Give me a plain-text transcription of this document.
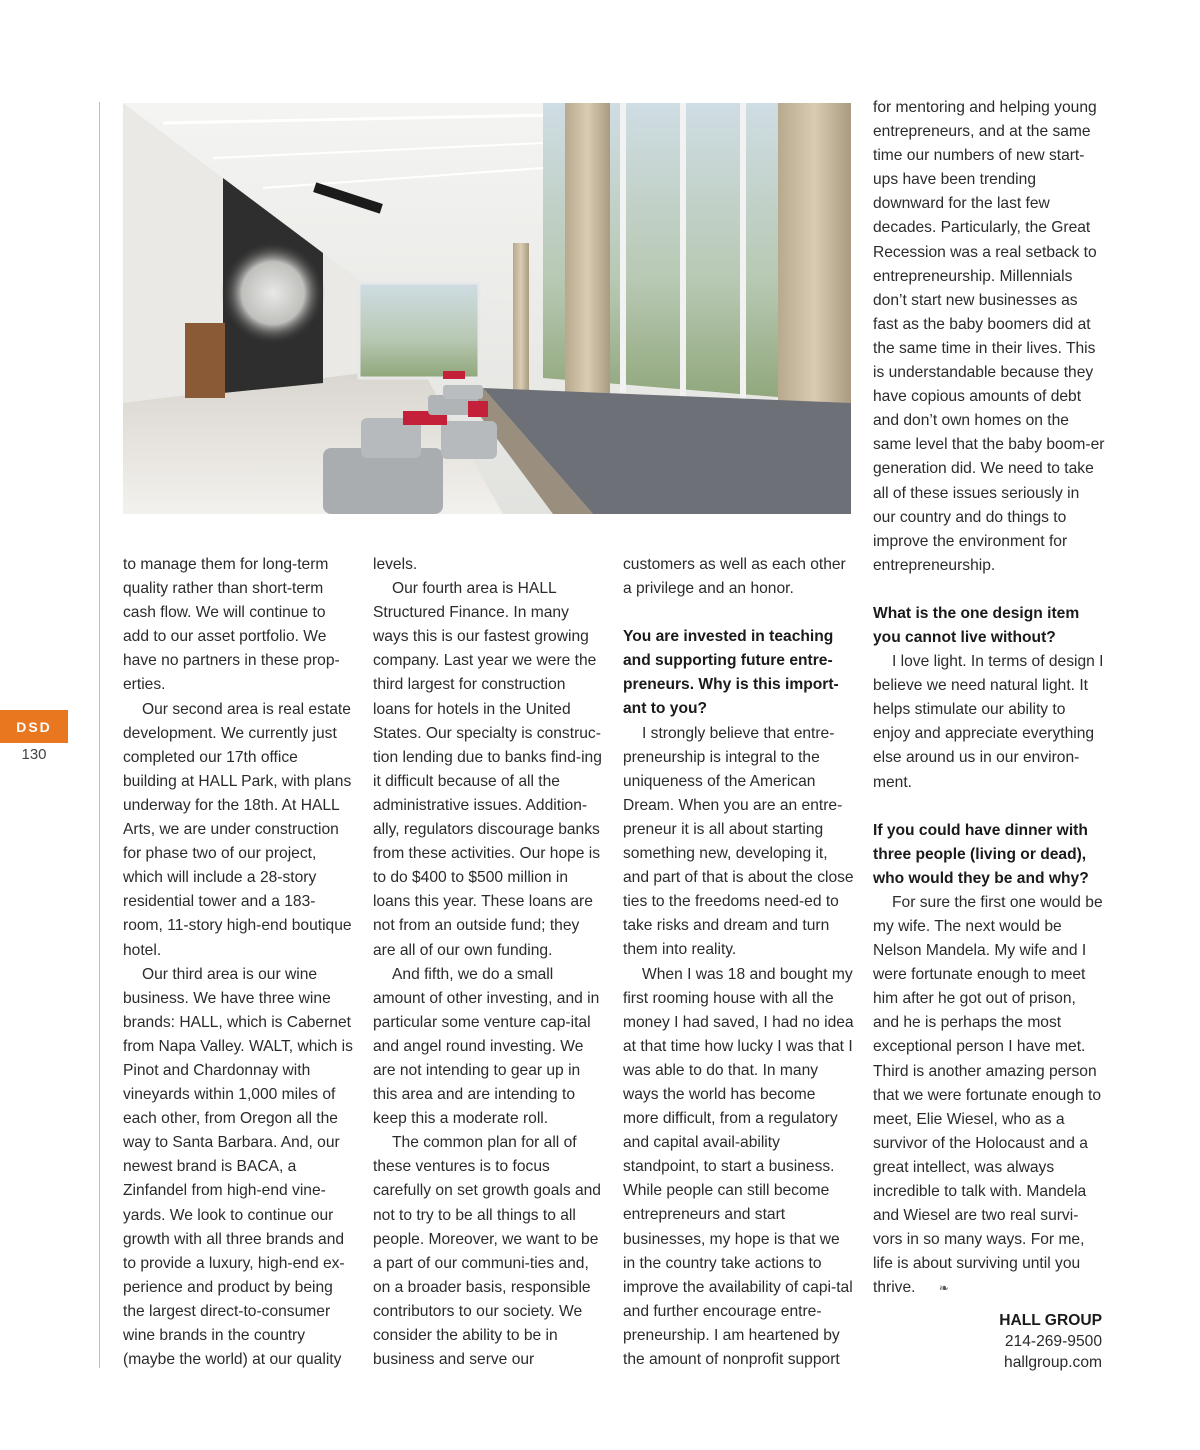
DSD
130

to manage them for long-term quality rather than short-term cash flow. We will continue to add to our asset portfolio. We have no partners in these prop-erties.

Our second area is real estate development. We currently just completed our 17th office building at HALL Park, with plans underway for the 18th. At HALL Arts, we are under construction for phase two of our project, which will include a 28-story residential tower and a 183-room, 11-story high-end boutique hotel.

Our third area is our wine business. We have three wine brands: HALL, which is Cabernet from Napa Valley. WALT, which is Pinot and Chardonnay with vineyards within 1,000 miles of each other, from Oregon all the way to Santa Barbara. And, our newest brand is BACA, a Zinfandel from high-end vine-yards. We look to continue our growth with all three brands and to provide a luxury, high-end ex-perience and product by being the largest direct-to-consumer wine brands in the country (maybe the world) at our quality

levels.

Our fourth area is HALL Structured Finance. In many ways this is our fastest growing company. Last year we were the third largest for construction loans for hotels in the United States. Our specialty is construc-tion lending due to banks find-ing it difficult because of all the administrative issues. Addition-ally, regulators discourage banks from these activities. Our hope is to do $400 to $500 million in loans this year. These loans are not from an outside fund; they are all of our own funding.

And fifth, we do a small amount of other investing, and in particular some venture cap-ital and angel round investing. We are not intending to gear up in this area and are intending to keep this a moderate roll.

The common plan for all of these ventures is to focus carefully on set growth goals and not to try to be all things to all people. Moreover, we want to be a part of our communi-ties and, on a broader basis, responsible contributors to our society. We consider the ability to be in business and serve our

customers as well as each other a privilege and an honor.

You are invested in teaching and supporting future entre-preneurs. Why is this import-ant to you?

I strongly believe that entre-preneurship is integral to the uniqueness of the American Dream. When you are an entre-preneur it is all about starting something new, developing it, and part of that is about the close ties to the freedoms need-ed to take risks and dream and turn them into reality.

When I was 18 and bought my first rooming house with all the money I had saved, I had no idea at that time how lucky I was that I was able to do that. In many ways the world has become more difficult, from a regulatory and capital avail-ability standpoint, to start a business. While people can still become entrepreneurs and start businesses, my hope is that we in the country take actions to improve the availability of capi-tal and further encourage entre-preneurship. I am heartened by the amount of nonprofit support

for mentoring and helping young entrepreneurs, and at the same time our numbers of new start-ups have been trending downward for the last few decades. Particularly, the Great Recession was a real setback to entrepreneurship. Millennials don’t start new businesses as fast as the baby boomers did at the same time in their lives. This is understandable because they have copious amounts of debt and don’t own homes on the same level that the baby boom-er generation did. We need to take all of these issues seriously in our country and do things to improve the environment for entrepreneurship.

What is the one design item you cannot live without?

I love light. In terms of design I believe we need natural light. It helps stimulate our ability to enjoy and appreciate everything else around us in our environ-ment.

If you could have dinner with three people (living or dead), who would they be and why?

For sure the first one would be my wife. The next would be Nelson Mandela. My wife and I were fortunate enough to meet him after he got out of prison, and he is perhaps the most exceptional person I have met. Third is another amazing person that we were fortunate enough to meet, Elie Wiesel, who as a survivor of the Holocaust and a great intellect, was always incredible to talk with. Mandela and Wiesel are two real survi-vors in so many ways. For me, life is about surviving until you thrive. ❧

HALL GROUP
214-269-9500
hallgroup.com
